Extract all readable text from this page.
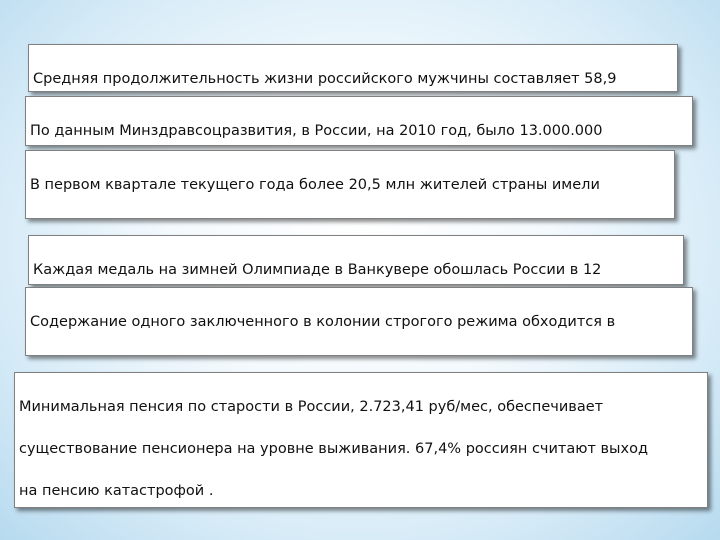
Средняя продолжительность жизни российского мужчины составляет 58,9

По данным Минздравсоцразвития, в России, на 2010 год, было 13.000.000

В первом квартале текущего года более 20,5 млн жителей страны имели

Каждая медаль на зимней Олимпиаде в Ванкувере обошлась России в 12

Содержание одного заключенного в колонии строгого режима обходится в

Минимальная пенсия по старости в России, 2.723,41 руб/мес, обеспечивает

существование пенсионера на уровне выживания. 67,4% россиян считают выход

на пенсию катастрофой .
